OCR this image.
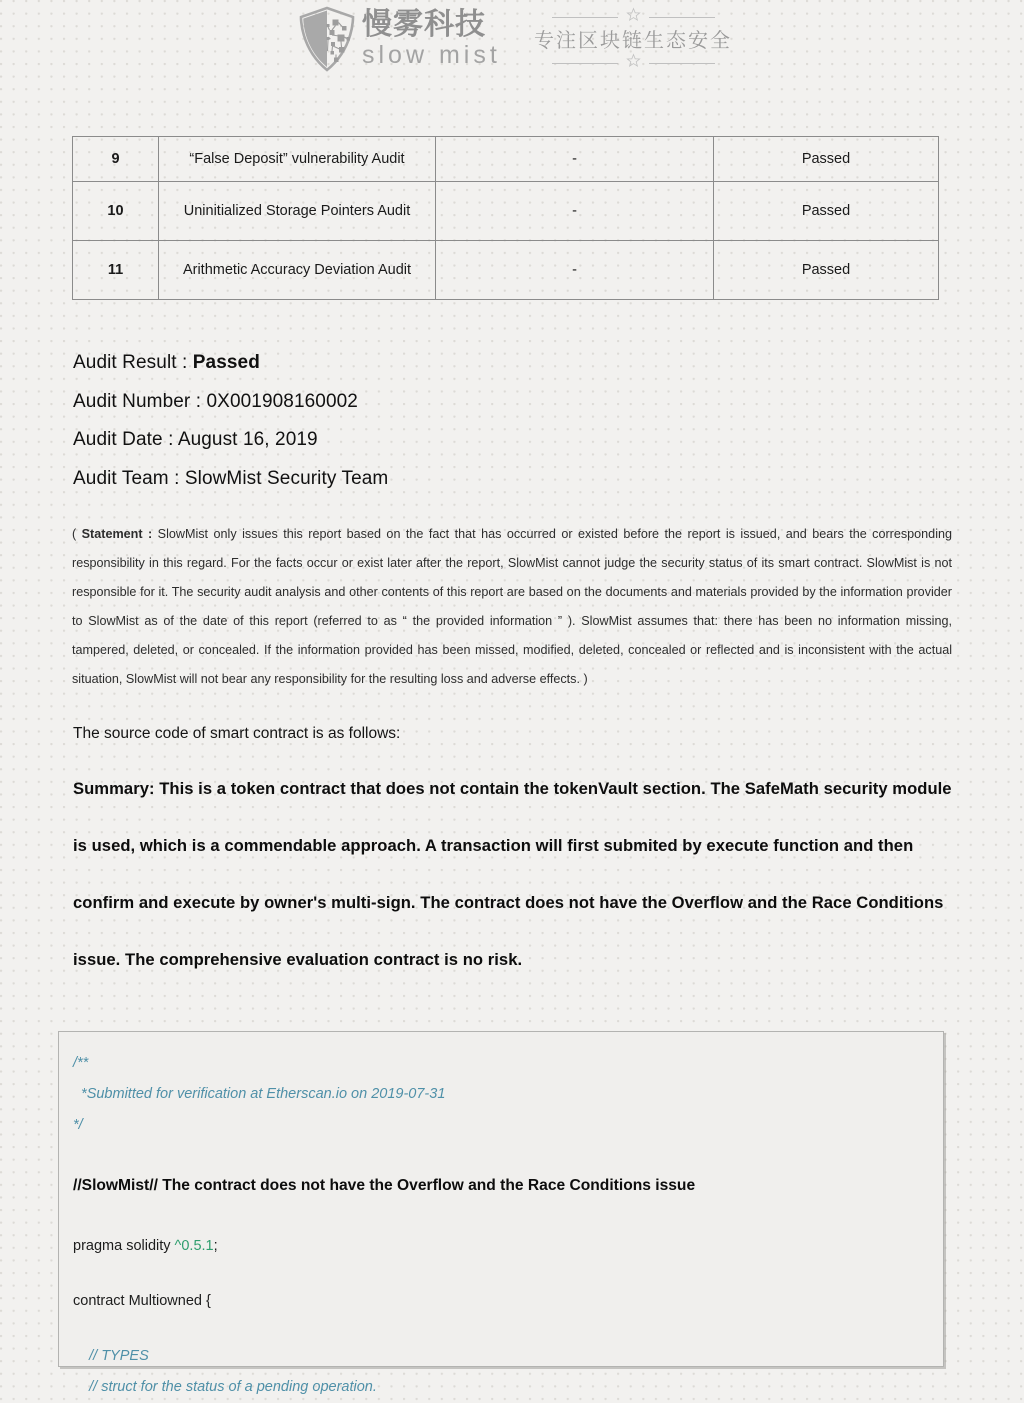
慢雾科技
slow mist
专注区块链生态安全
9	“False Deposit” vulnerability Audit	-	Passed
10	Uninitialized Storage Pointers Audit	-	Passed
11	Arithmetic Accuracy Deviation Audit	-	Passed
Audit Result : Passed
Audit Number : 0X001908160002
Audit Date : August 16, 2019
Audit Team : SlowMist Security Team
( Statement : SlowMist only issues this report based on the fact that has occurred or existed before the report is issued, and bears the corresponding responsibility in this regard. For the facts occur or exist later after the report, SlowMist cannot judge the security status of its smart contract. SlowMist is not responsible for it. The security audit analysis and other contents of this report are based on the documents and materials provided by the information provider to SlowMist as of the date of this report (referred to as “ the provided information ” ). SlowMist assumes that: there has been no information missing, tampered, deleted, or concealed. If the information provided has been missed, modified, deleted, concealed or reflected and is inconsistent with the actual situation, SlowMist will not bear any responsibility for the resulting loss and adverse effects. )
The source code of smart contract is as follows:
Summary: This is a token contract that does not contain the tokenVault section. The SafeMath security module is used, which is a commendable approach. A transaction will first submited by execute function and then confirm and execute by owner's multi-sign. The contract does not have the Overflow and the Race Conditions issue. The comprehensive evaluation contract is no risk.
/**
*Submitted for verification at Etherscan.io on 2019-07-31
*/

//SlowMist// The contract does not have the Overflow and the Race Conditions issue

pragma solidity ^0.5.1;

contract Multiowned {

// TYPES
// struct for the status of a pending operation.
